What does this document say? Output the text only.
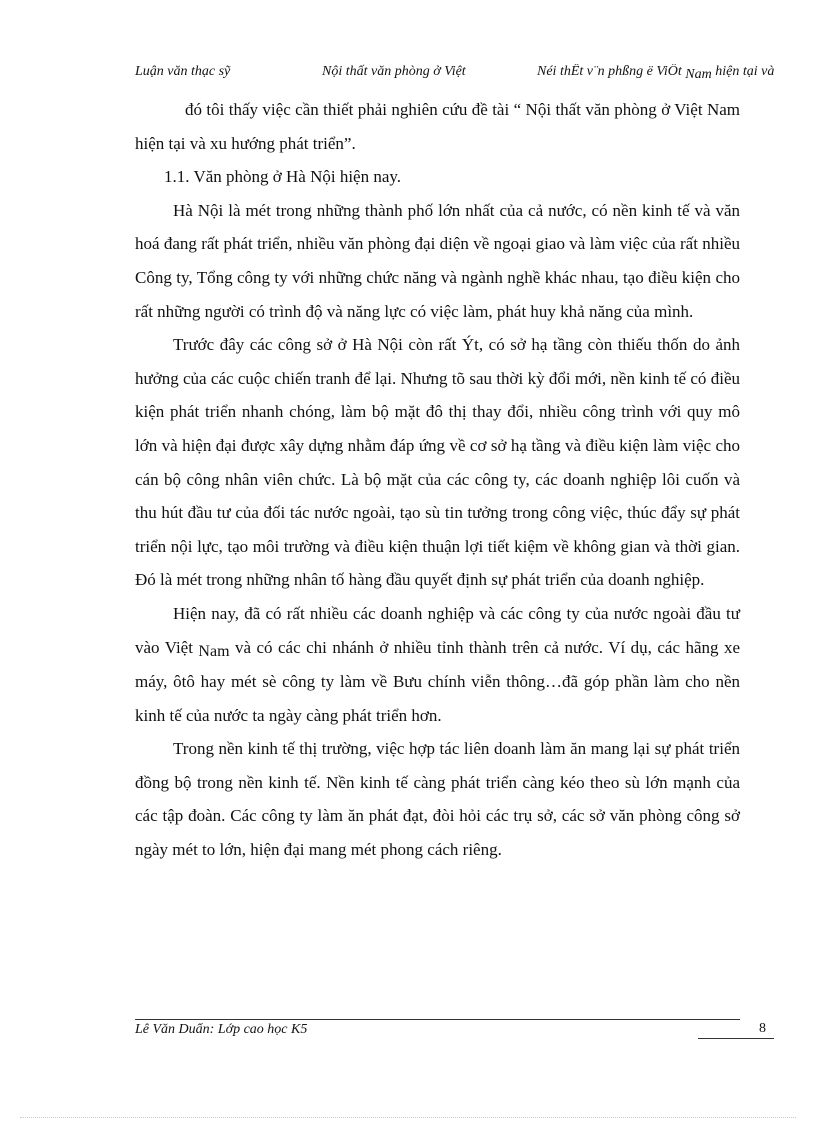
Luận văn thạc sỹ	Nội thất văn phòng ở Việt	Néi thÊt v¨n phßng ë ViÖt Nam hiện tại và

đó tôi thấy việc cần thiết phải nghiên cứu đề tài “ Nội thất văn phòng ở Việt Nam hiện tại và xu hướng phát triển”.

1.1. Văn phòng ở Hà Nội hiện nay.

Hà Nội là mét trong những thành phố lớn nhất của cả nước, có nền kinh tế và văn hoá đang rất phát triển, nhiều văn phòng đại diện về ngoại giao và làm việc của rất nhiều Công ty, Tổng công ty với những chức năng và ngành nghề khác nhau, tạo điều kiện cho rất những người có trình độ và năng lực có việc làm, phát huy khả năng của mình.

Trước đây các công sở ở Hà Nội còn rất Ýt, có sở hạ tầng còn thiếu thốn do ảnh hưởng của các cuộc chiến tranh để lại. Nhưng tõ sau thời kỳ đổi mới, nền kinh tế có điều kiện phát triển nhanh chóng, làm bộ mặt đô thị thay đổi, nhiều công trình với quy mô lớn và hiện đại được xây dựng nhằm đáp ứng về cơ sở hạ tầng và điều kiện làm việc cho cán bộ công nhân viên chức. Là bộ mặt của các công ty, các doanh nghiệp lôi cuốn và thu hút đầu tư của đối tác nước ngoài, tạo sù tin tưởng trong công việc, thúc đẩy sự phát triển nội lực, tạo môi trường và điều kiện thuận lợi tiết kiệm về không gian và thời gian. Đó là mét trong những nhân tố hàng đầu quyết định sự phát triển của doanh nghiệp.

Hiện nay, đã có rất nhiều các doanh nghiệp và các công ty của nước ngoài đầu tư vào Việt Nam và có các chi nhánh ở nhiều tỉnh thành trên cả nước. Ví dụ, các hãng xe máy, ôtô hay mét sè công ty làm về Bưu chính viễn thông…đã góp phần làm cho nền kinh tế của nước ta ngày càng phát triển hơn.

Trong nền kinh tế thị trường, việc hợp tác liên doanh làm ăn mang lại sự phát triển đồng bộ trong nền kinh tế. Nền kinh tế càng phát triển càng kéo theo sù lớn mạnh của các tập đoàn. Các công ty làm ăn phát đạt, đòi hỏi các trụ sở, các sở văn phòng công sở ngày mét to lớn, hiện đại mang mét phong cách riêng.

Lê Văn Duẩn: Lớp cao học K5	8
